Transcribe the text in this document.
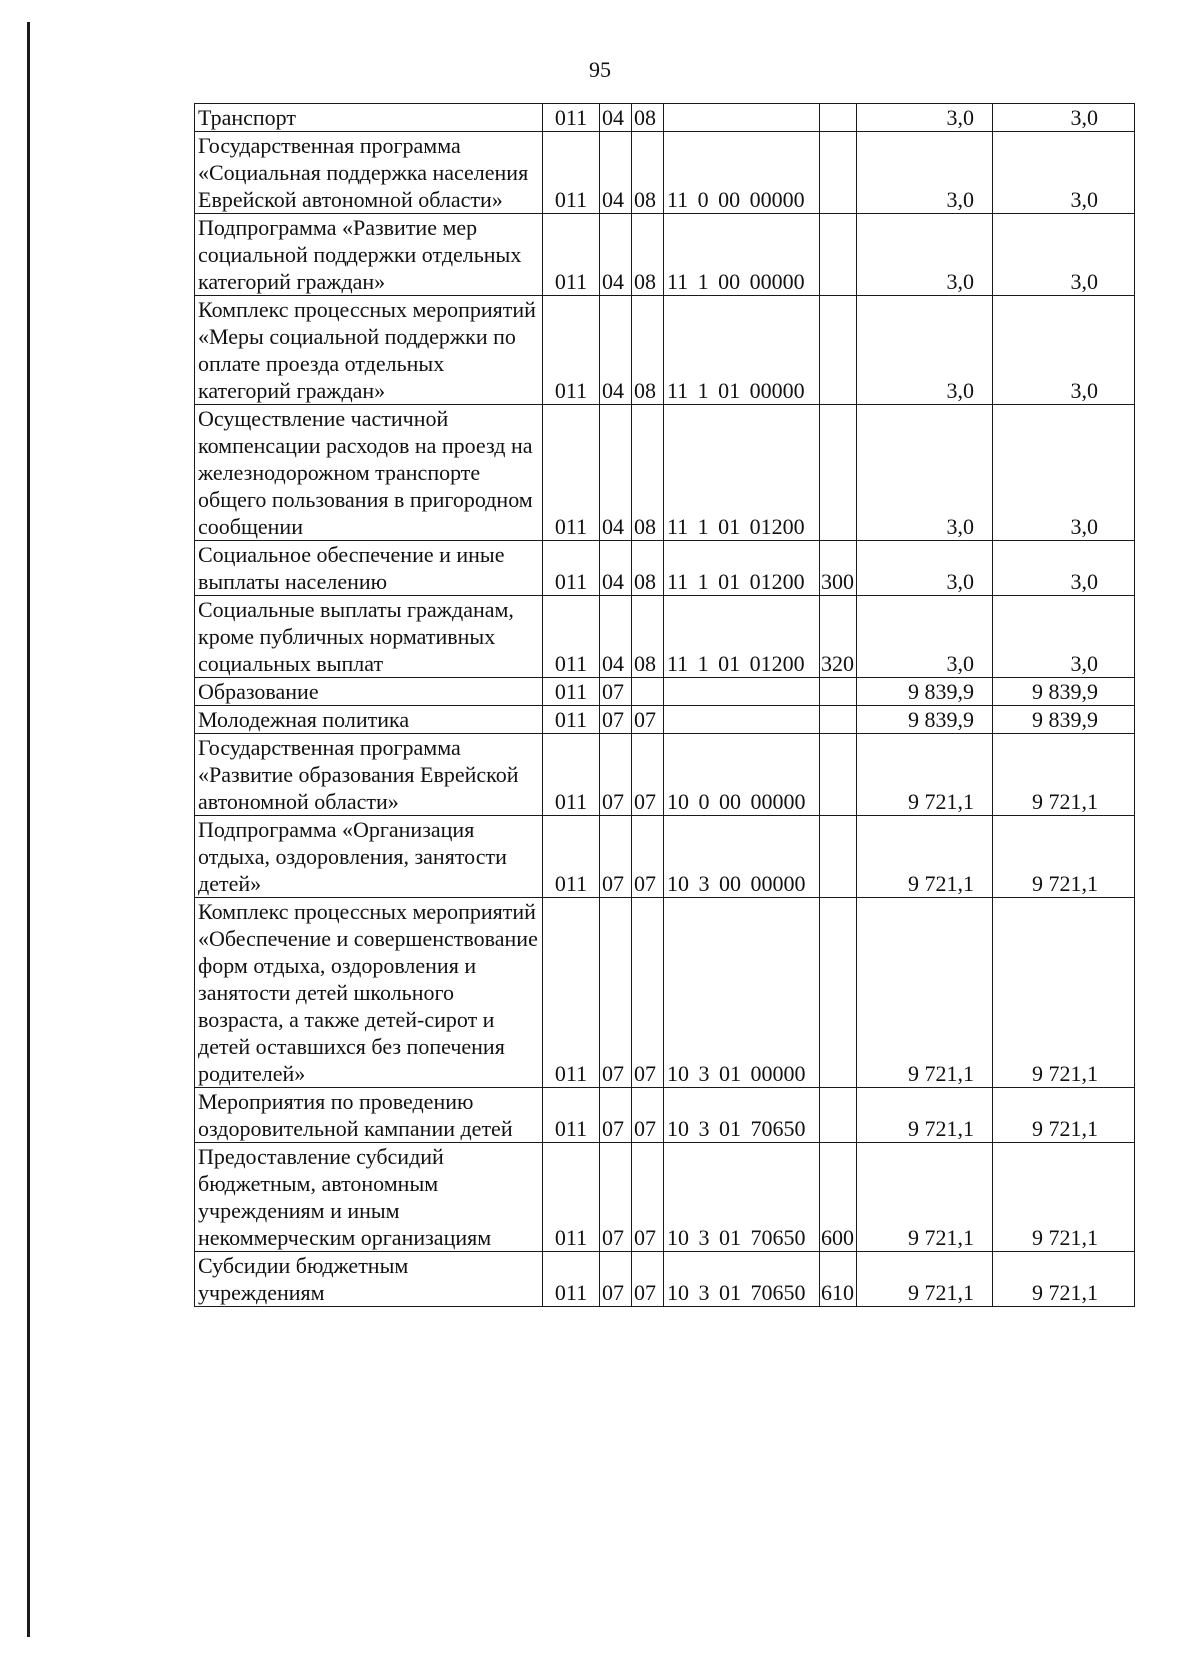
95
Транспорт	011	04	08			3,0	3,0
Государственная программа «Социальная поддержка населения Еврейской автономной области»	011	04	08	11 0 00 00000		3,0	3,0
Подпрограмма «Развитие мер социальной поддержки отдельных категорий граждан»	011	04	08	11 1 00 00000		3,0	3,0
Комплекс процессных мероприятий «Меры социальной поддержки по оплате проезда отдельных категорий граждан»	011	04	08	11 1 01 00000		3,0	3,0
Осуществление частичной компенсации расходов на проезд на железнодорожном транспорте общего пользования в пригородном сообщении	011	04	08	11 1 01 01200		3,0	3,0
Социальное обеспечение и иные выплаты населению	011	04	08	11 1 01 01200	300	3,0	3,0
Социальные выплаты гражданам, кроме публичных нормативных социальных выплат	011	04	08	11 1 01 01200	320	3,0	3,0
Образование	011	07				9 839,9	9 839,9
Молодежная политика	011	07	07			9 839,9	9 839,9
Государственная программа «Развитие образования Еврейской автономной области»	011	07	07	10 0 00 00000		9 721,1	9 721,1
Подпрограмма «Организация отдыха, оздоровления, занятости детей»	011	07	07	10 3 00 00000		9 721,1	9 721,1
Комплекс процессных мероприятий «Обеспечение и совершенствование форм отдыха, оздоровления и занятости детей школьного возраста, а также детей-сирот и детей оставшихся без попечения родителей»	011	07	07	10 3 01 00000		9 721,1	9 721,1
Мероприятия по проведению оздоровительной кампании детей	011	07	07	10 3 01 70650		9 721,1	9 721,1
Предоставление субсидий бюджетным, автономным учреждениям и иным некоммерческим организациям	011	07	07	10 3 01 70650	600	9 721,1	9 721,1
Субсидии бюджетным учреждениям	011	07	07	10 3 01 70650	610	9 721,1	9 721,1
